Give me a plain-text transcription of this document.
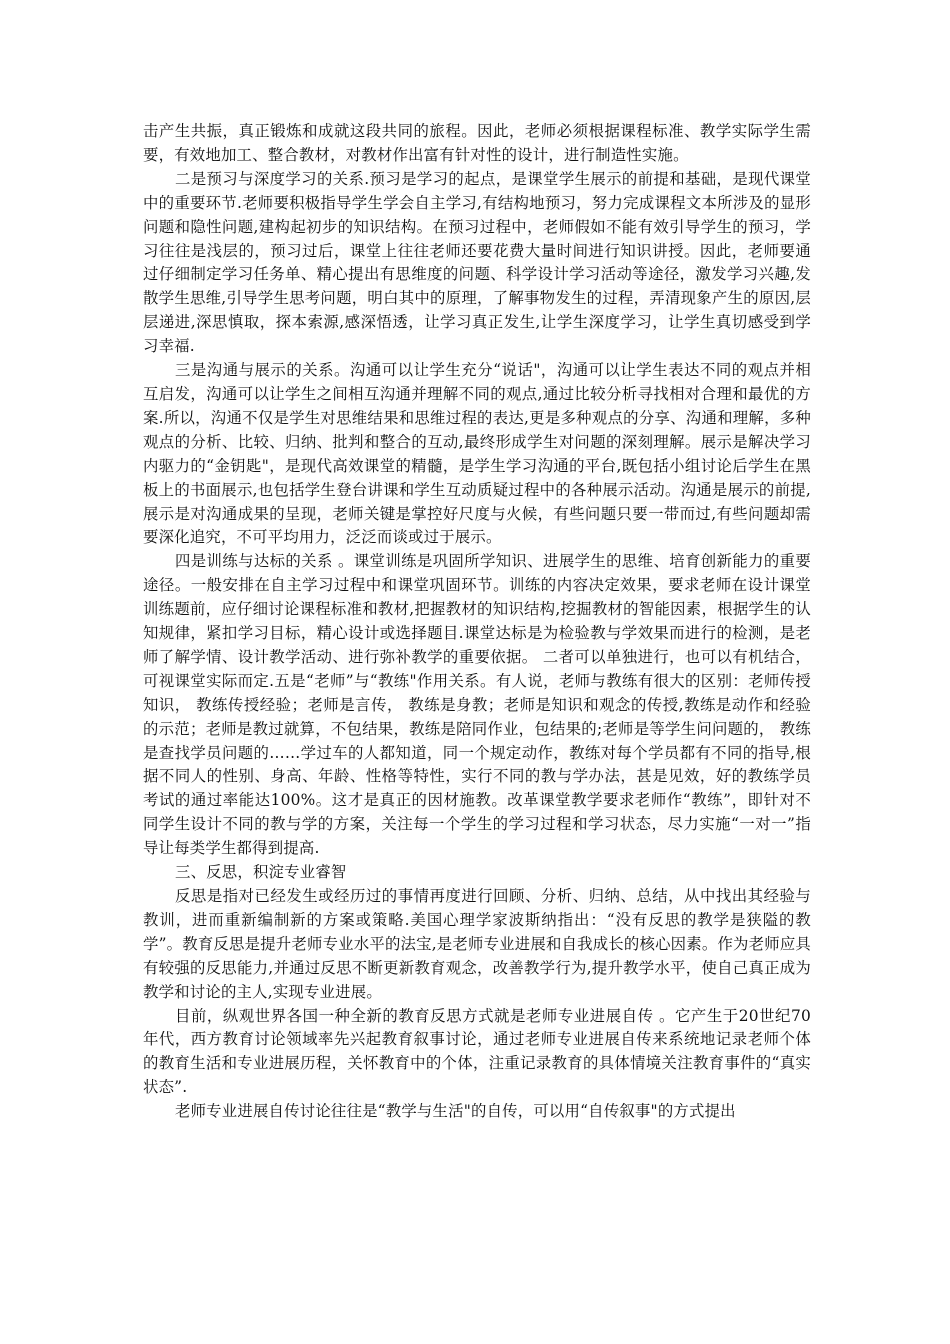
击产生共振，真正锻炼和成就这段共同的旅程。因此，老师必须根据课程标准、教学实际学生需要，有效地加工、整合教材，对教材作出富有针对性的设计，进行制造性实施。

二是预习与深度学习的关系.预习是学习的起点，是课堂学生展示的前提和基础，是现代课堂中的重要环节.老师要积极指导学生学会自主学习,有结构地预习，努力完成课程文本所涉及的显形问题和隐性问题,建构起初步的知识结构。在预习过程中，老师假如不能有效引导学生的预习，学习往往是浅层的，预习过后，课堂上往往老师还要花费大量时间进行知识讲授。因此，老师要通过仔细制定学习任务单、精心提出有思维度的问题、科学设计学习活动等途径，激发学习兴趣,发散学生思维,引导学生思考问题，明白其中的原理，了解事物发生的过程，弄清现象产生的原因,层层递进,深思慎取，探本索源,感深悟透，让学习真正发生,让学生深度学习，让学生真切感受到学习幸福.

三是沟通与展示的关系。沟通可以让学生充分“说话"，沟通可以让学生表达不同的观点并相互启发，沟通可以让学生之间相互沟通并理解不同的观点,通过比较分析寻找相对合理和最优的方案.所以，沟通不仅是学生对思维结果和思维过程的表达,更是多种观点的分享、沟通和理解，多种观点的分析、比较、归纳、批判和整合的互动,最终形成学生对问题的深刻理解。展示是解决学习内驱力的“金钥匙"，是现代高效课堂的精髓，是学生学习沟通的平台,既包括小组讨论后学生在黑板上的书面展示,也包括学生登台讲课和学生互动质疑过程中的各种展示活动。沟通是展示的前提,展示是对沟通成果的呈现，老师关键是掌控好尺度与火候，有些问题只要一带而过,有些问题却需要深化追究，不可平均用力，泛泛而谈或过于展示。

四是训练与达标的关系 。课堂训练是巩固所学知识、进展学生的思维、培育创新能力的重要途径。一般安排在自主学习过程中和课堂巩固环节。训练的内容决定效果，要求老师在设计课堂训练题前，应仔细讨论课程标准和教材,把握教材的知识结构,挖掘教材的智能因素，根据学生的认知规律，紧扣学习目标，精心设计或选择题目.课堂达标是为检验教与学效果而进行的检测，是老师了解学情、设计教学活动、进行弥补教学的重要依据。 二者可以单独进行，也可以有机结合，可视课堂实际而定.五是“老师”与“教练"作用关系。有人说，老师与教练有很大的区别：老师传授知识， 教练传授经验；老师是言传， 教练是身教；老师是知识和观念的传授,教练是动作和经验的示范；老师是教过就算，不包结果，教练是陪同作业，包结果的;老师是等学生问问题的， 教练是查找学员问题的……学过车的人都知道，同一个规定动作，教练对每个学员都有不同的指导,根据不同人的性别、身高、年龄、性格等特性，实行不同的教与学办法，甚是见效，好的教练学员考试的通过率能达100%。这才是真正的因材施教。改革课堂教学要求老师作“教练”，即针对不同学生设计不同的教与学的方案，关注每一个学生的学习过程和学习状态，尽力实施“一对一”指导让每类学生都得到提高.

三、反思，积淀专业睿智

反思是指对已经发生或经历过的事情再度进行回顾、分析、归纳、总结，从中找出其经验与教训，进而重新编制新的方案或策略.美国心理学家波斯纳指出：“没有反思的教学是狭隘的教学”。教育反思是提升老师专业水平的法宝,是老师专业进展和自我成长的核心因素。作为老师应具有较强的反思能力,并通过反思不断更新教育观念，改善教学行为,提升教学水平，使自己真正成为教学和讨论的主人,实现专业进展。

目前，纵观世界各国一种全新的教育反思方式就是老师专业进展自传 。它产生于20世纪70年代，西方教育讨论领域率先兴起教育叙事讨论，通过老师专业进展自传来系统地记录老师个体的教育生活和专业进展历程，关怀教育中的个体，注重记录教育的具体情境关注教育事件的“真实状态”.

老师专业进展自传讨论往往是“教学与生活"的自传，可以用“自传叙事"的方式提出
